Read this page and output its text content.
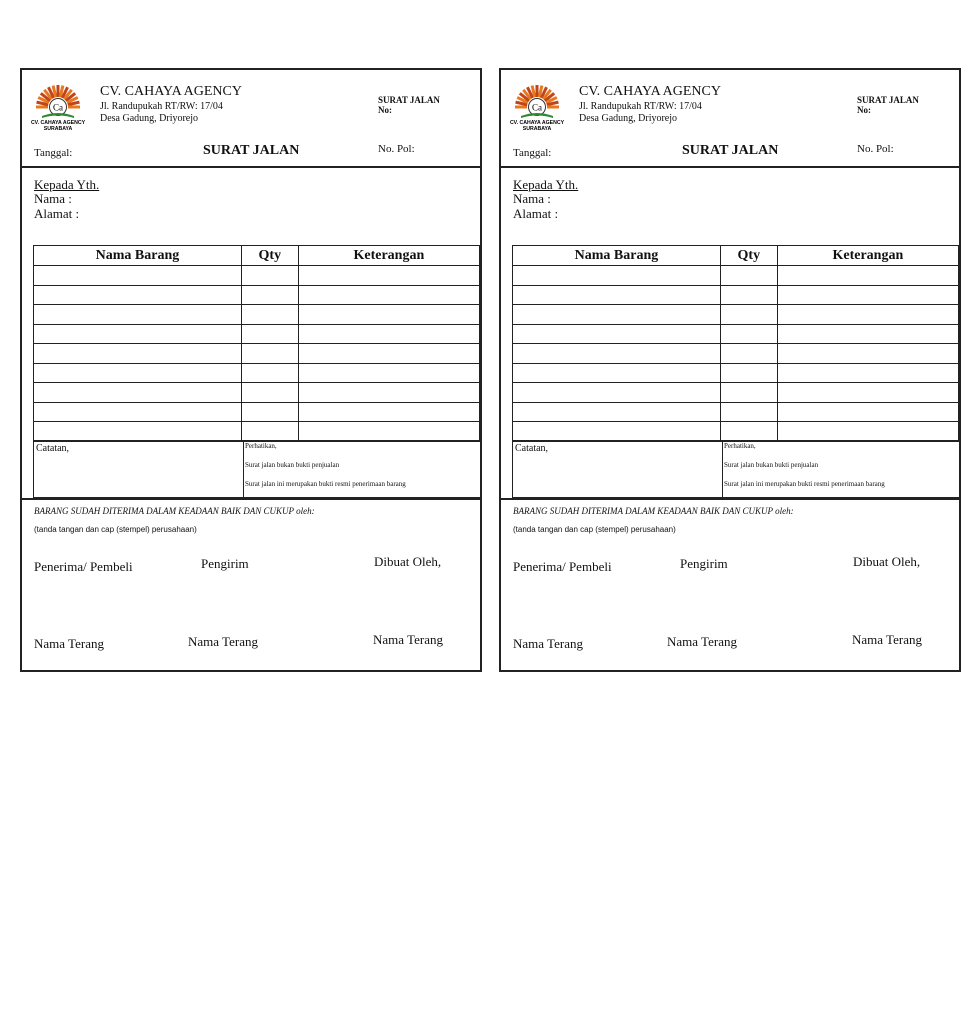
Ca
CV. CAHAYA AGENCY
SURABAYA
CV. CAHAYA AGENCY
Jl. Randupukah RT/RW: 17/04
Desa Gadung, Driyorejo
SURAT JALAN
No:
Tanggal:	SURAT JALAN	No. Pol:
Kepada Yth.
Nama :
Alamat :
Nama Barang	Qty	Keterangan

Catatan,	Perhatikan,
Surat jalan bukan bukti penjualan
Surat jalan ini merupakan bukti resmi penerimaan barang
BARANG SUDAH DITERIMA DALAM KEADAAN BAIK DAN CUKUP oleh:
(tanda tangan dan cap (stempel) perusahaan)
Penerima/ Pembeli	Pengirim	Dibuat Oleh,
Nama Terang	Nama Terang	Nama Terang
Ca
CV. CAHAYA AGENCY
SURABAYA
CV. CAHAYA AGENCY
Jl. Randupukah RT/RW: 17/04
Desa Gadung, Driyorejo
SURAT JALAN
No:
Tanggal:	SURAT JALAN	No. Pol:
Kepada Yth.
Nama :
Alamat :
Nama Barang	Qty	Keterangan

Catatan,	Perhatikan,
Surat jalan bukan bukti penjualan
Surat jalan ini merupakan bukti resmi penerimaan barang
BARANG SUDAH DITERIMA DALAM KEADAAN BAIK DAN CUKUP oleh:
(tanda tangan dan cap (stempel) perusahaan)
Penerima/ Pembeli	Pengirim	Dibuat Oleh,
Nama Terang	Nama Terang	Nama Terang
